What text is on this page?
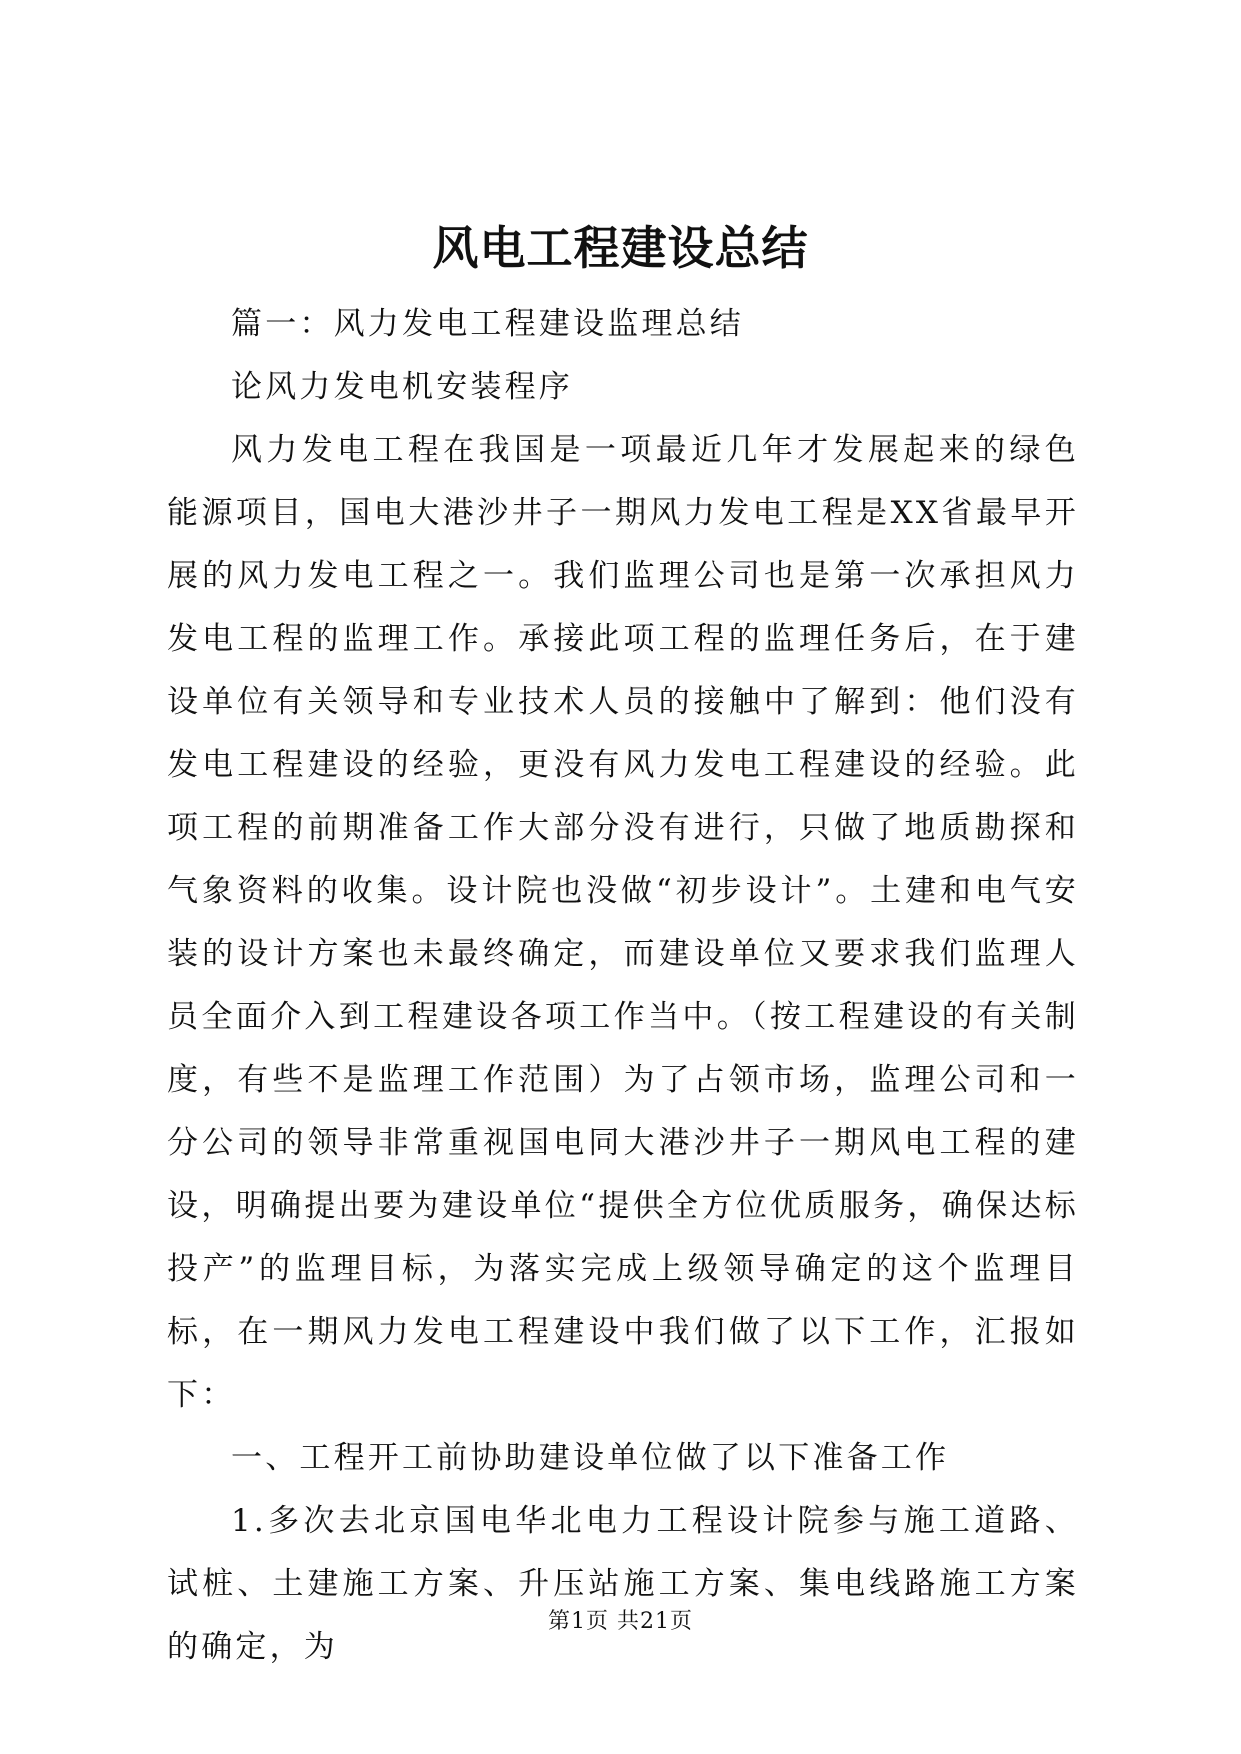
风电工程建设总结

篇一：风力发电工程建设监理总结

论风力发电机安装程序

风力发电工程在我国是一项最近几年才发展起来的绿色能源项目，国电大港沙井子一期风力发电工程是XX省最早开展的风力发电工程之一。我们监理公司也是第一次承担风力发电工程的监理工作。承接此项工程的监理任务后，在于建设单位有关领导和专业技术人员的接触中了解到：他们没有发电工程建设的经验，更没有风力发电工程建设的经验。此项工程的前期准备工作大部分没有进行，只做了地质勘探和气象资料的收集。设计院也没做“初步设计”。土建和电气安装的设计方案也未最终确定，而建设单位又要求我们监理人员全面介入到工程建设各项工作当中。（按工程建设的有关制度，有些不是监理工作范围）为了占领市场，监理公司和一分公司的领导非常重视国电同大港沙井子一期风电工程的建设，明确提出要为建设单位“提供全方位优质服务，确保达标投产”的监理目标，为落实完成上级领导确定的这个监理目标，在一期风力发电工程建设中我们做了以下工作，汇报如下：

一、工程开工前协助建设单位做了以下准备工作

1.多次去北京国电华北电力工程设计院参与施工道路、试桩、土建施工方案、升压站施工方案、集电线路施工方案的确定，为

第1页 共21页
